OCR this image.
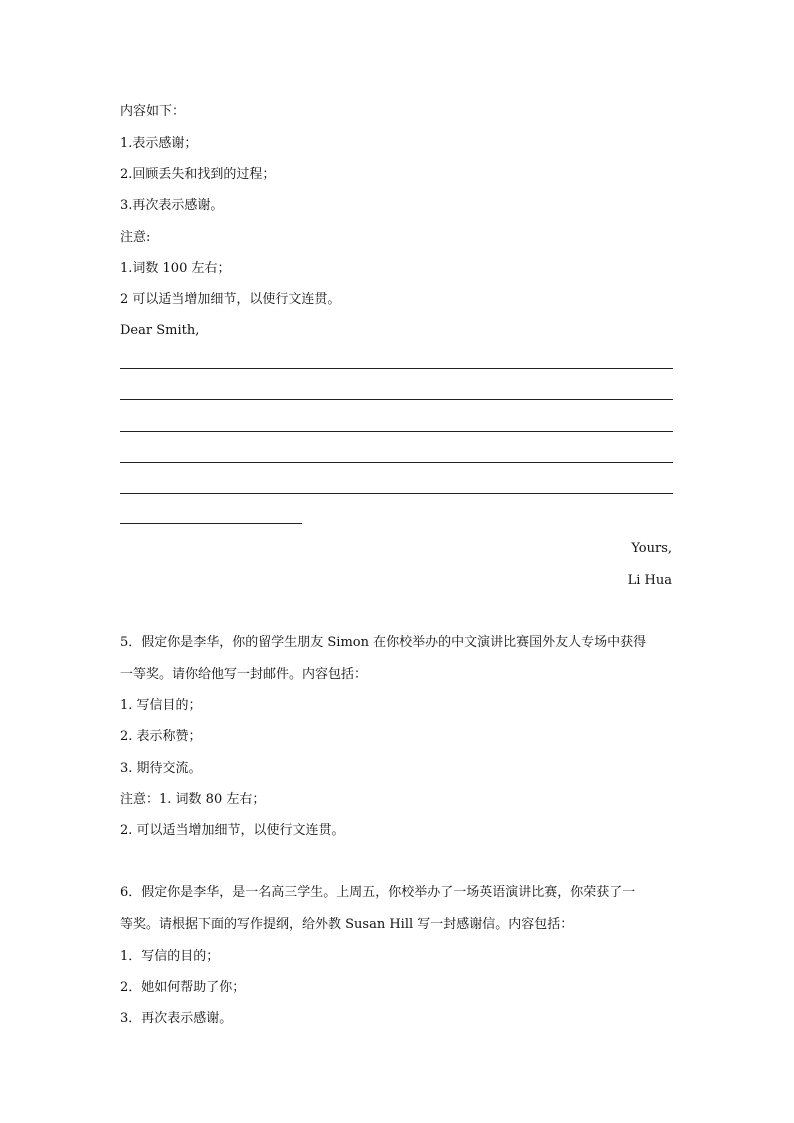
内容如下：
1.表示感谢；
2.回顾丢失和找到的过程；
3.再次表示感谢。
注意:
1.词数 100 左右；
2 可以适当增加细节，以使行文连贯。
Dear Smith,
Yours,
Li Hua
5．假定你是李华，你的留学生朋友 Simon 在你校举办的中文演讲比赛国外友人专场中获得
一等奖。请你给他写一封邮件。内容包括：
1. 写信目的；
2. 表示称赞；
3. 期待交流。
注意：1. 词数 80 左右；
2. 可以适当增加细节，以使行文连贯。
6．假定你是李华，是一名高三学生。上周五，你校举办了一场英语演讲比赛，你荣获了一
等奖。请根据下面的写作提纲，给外教 Susan Hill 写一封感谢信。内容包括：
1．写信的目的；
2．她如何帮助了你；
3．再次表示感谢。
